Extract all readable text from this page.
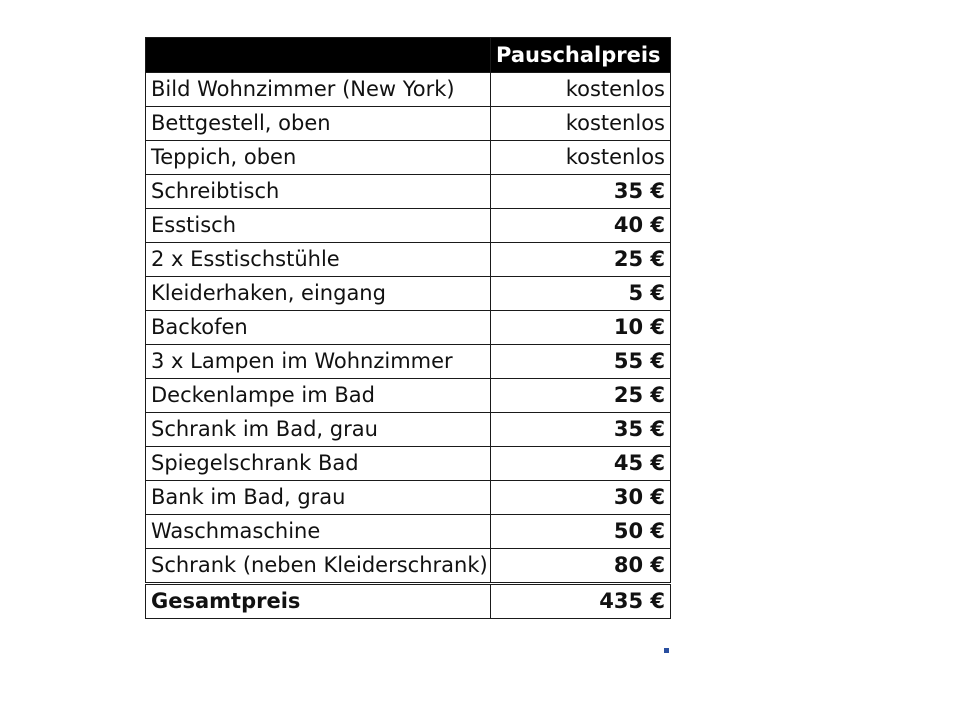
	Pauschalpreis
Bild Wohnzimmer (New York)	kostenlos
Bettgestell, oben	kostenlos
Teppich, oben	kostenlos
Schreibtisch	35 €
Esstisch	40 €
2 x Esstischstühle	25 €
Kleiderhaken, eingang	5 €
Backofen	10 €
3 x Lampen im Wohnzimmer	55 €
Deckenlampe im Bad	25 €
Schrank im Bad, grau	35 €
Spiegelschrank Bad	45 €
Bank im Bad, grau	30 €
Waschmaschine	50 €
Schrank (neben Kleiderschrank)	80 €
Gesamtpreis	435 €
